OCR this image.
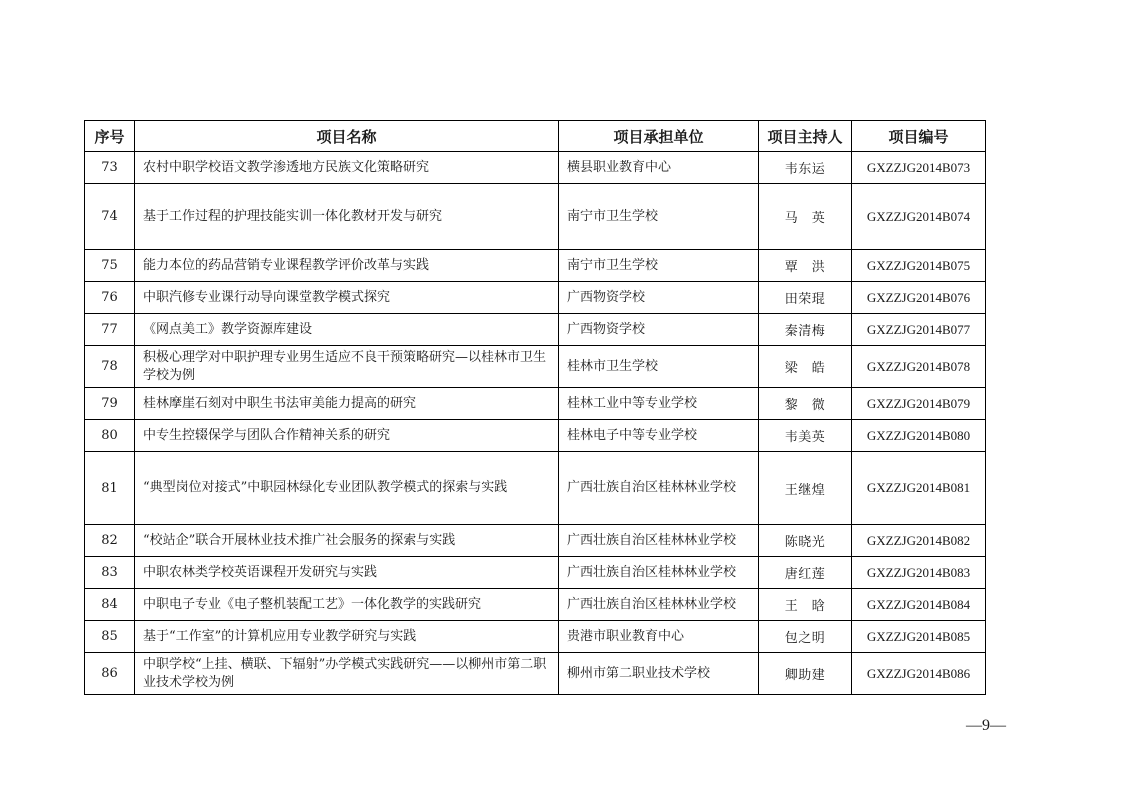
序号	项目名称	项目承担单位	项目主持人	项目编号
73	农村中职学校语文教学渗透地方民族文化策略研究	横县职业教育中心	韦东运	GXZZJG2014B073
74	基于工作过程的护理技能实训一体化教材开发与研究	南宁市卫生学校	马　英	GXZZJG2014B074
75	能力本位的药品营销专业课程教学评价改革与实践	南宁市卫生学校	覃　洪	GXZZJG2014B075
76	中职汽修专业课行动导向课堂教学模式探究	广西物资学校	田荣琨	GXZZJG2014B076
77	《网点美工》教学资源库建设	广西物资学校	秦清梅	GXZZJG2014B077
78	积极心理学对中职护理专业男生适应不良干预策略研究—以桂林市卫生学校为例	桂林市卫生学校	梁　皓	GXZZJG2014B078
79	桂林摩崖石刻对中职生书法审美能力提高的研究	桂林工业中等专业学校	黎　微	GXZZJG2014B079
80	中专生控辍保学与团队合作精神关系的研究	桂林电子中等专业学校	韦美英	GXZZJG2014B080
81	“典型岗位对接式”中职园林绿化专业团队教学模式的探索与实践	广西壮族自治区桂林林业学校	王继煌	GXZZJG2014B081
82	“校站企”联合开展林业技术推广社会服务的探索与实践	广西壮族自治区桂林林业学校	陈晓光	GXZZJG2014B082
83	中职农林类学校英语课程开发研究与实践	广西壮族自治区桂林林业学校	唐红莲	GXZZJG2014B083
84	中职电子专业《电子整机装配工艺》一体化教学的实践研究	广西壮族自治区桂林林业学校	王　晗	GXZZJG2014B084
85	基于“工作室”的计算机应用专业教学研究与实践	贵港市职业教育中心	包之明	GXZZJG2014B085
86	中职学校“上挂、横联、下辐射”办学模式实践研究——以柳州市第二职业技术学校为例	柳州市第二职业技术学校	卿助建	GXZZJG2014B086
—9—
